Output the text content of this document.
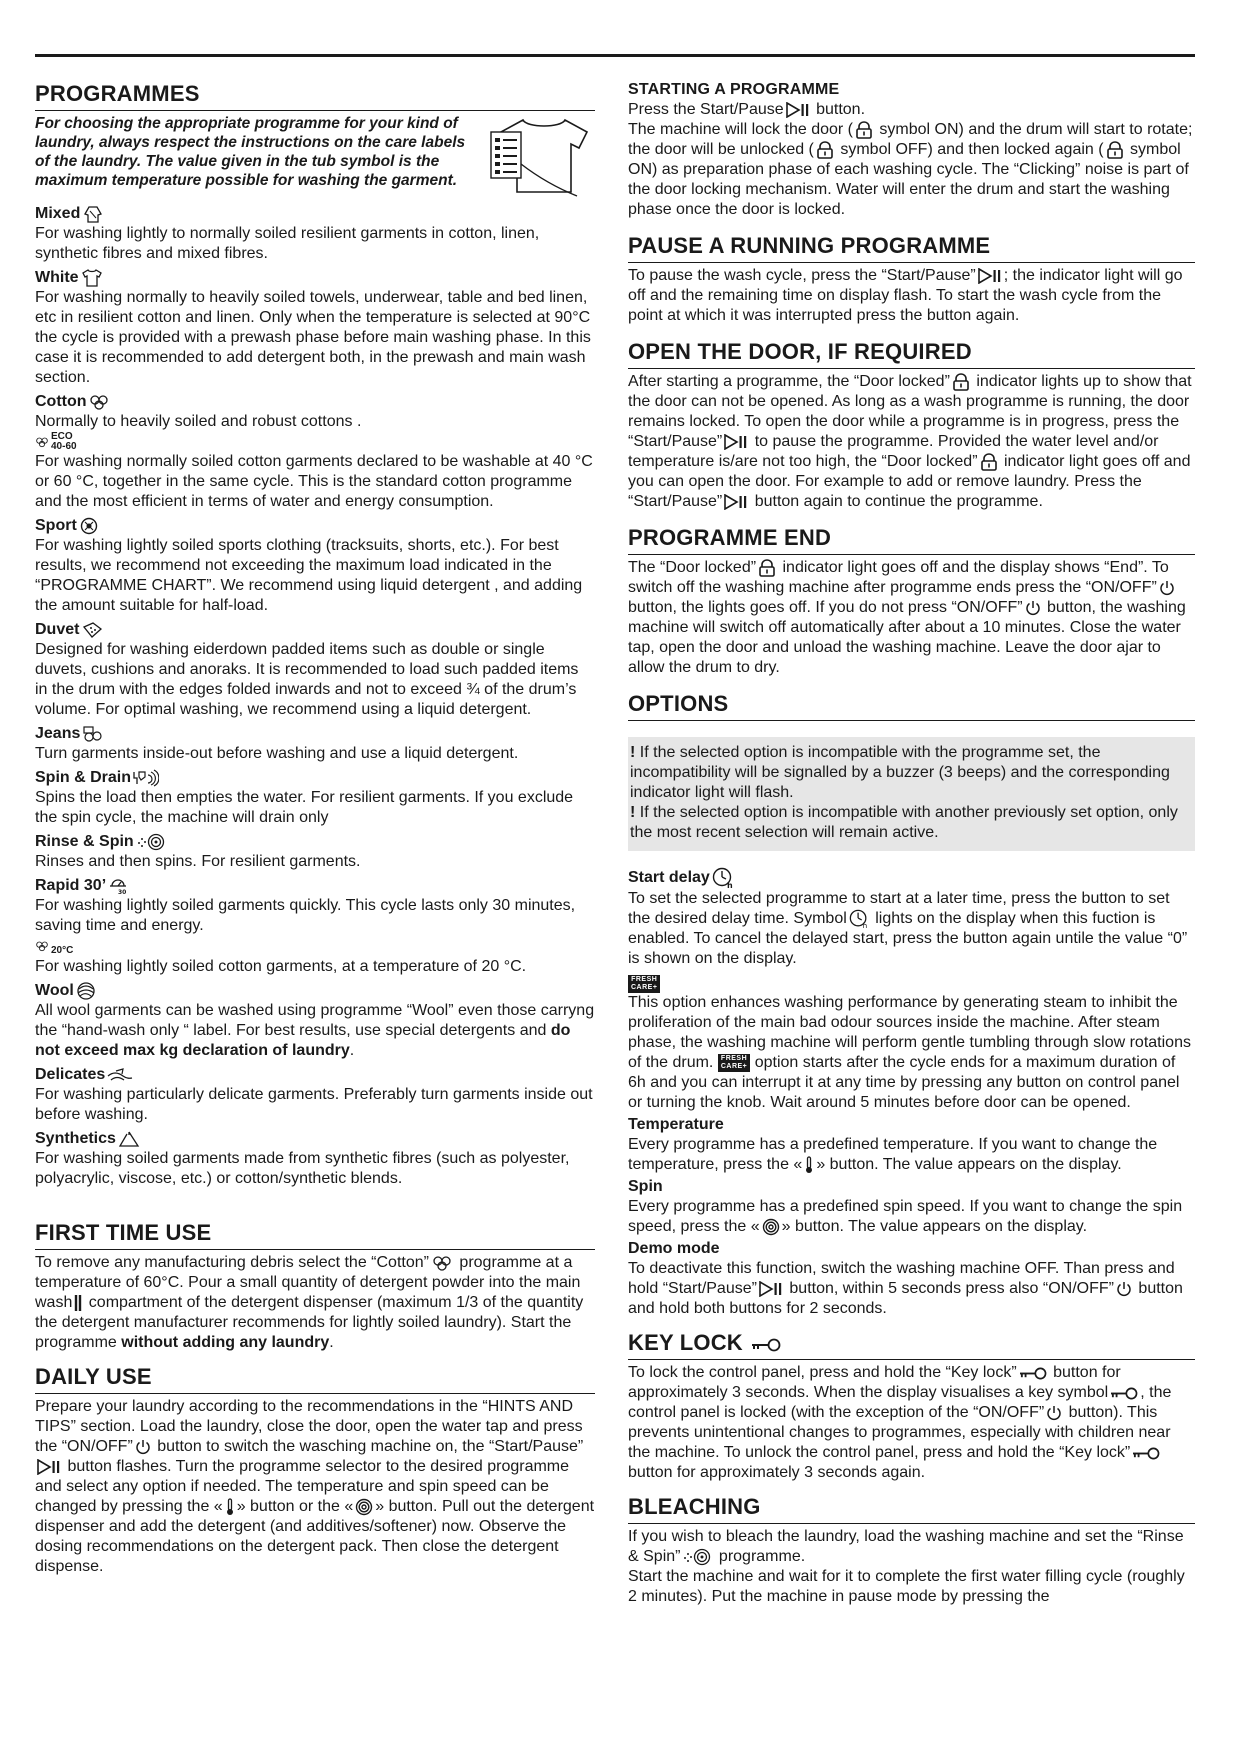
PROGRAMMES

For choosing the appropriate programme for your kind of laundry, always respect the instructions on the care labels of the laundry. The value given in the tub symbol is the maximum temperature possible for washing the garment.

Mixed

For washing lightly to normally soiled resilient garments in cotton, linen, synthetic fibres and mixed fibres.

White

For washing normally to heavily soiled towels, underwear, table and bed linen, etc in resilient cotton and linen. Only when the temperature is selected at 90°C the cycle is provided with a prewash phase before main washing phase. In this case it is recommended to add detergent both, in the prewash and main wash section.

Cotton

Normally to heavily soiled and robust cottons .

ECO
40-60

For washing normally soiled cotton garments declared to be washable at 40 °C or 60 °C, together in the same cycle. This is the standard cotton programme and the most efficient in terms of water and energy consumption.

Sport

For washing lightly soiled sports clothing (tracksuits, shorts, etc.). For best results, we recommend not exceeding the maximum load indicated in the “PROGRAMME CHART”. We recommend using liquid detergent , and adding the amount suitable for half-load.

Duvet

Designed for washing eiderdown padded items such as double or single duvets, cushions and anoraks. It is recommended to load such padded items in the drum with the edges folded inwards and not to exceed ¾ of the drum’s volume. For optimal washing, we recommend using a liquid detergent.

Jeans

Turn garments inside-out before washing and use a liquid detergent.

Spin & Drain

Spins the load then empties the water. For resilient garments. If you exclude the spin cycle, the machine will drain only

Rinse & Spin

Rinses and then spins. For resilient garments.

Rapid 30’

For washing lightly soiled garments quickly. This cycle lasts only 30 minutes, saving time and energy.

20°C

For washing lightly soiled cotton garments, at a temperature of 20 °C.

Wool

All wool garments can be washed using programme “Wool” even those carryng the “hand-wash only “ label. For best results, use special detergents and do not exceed max kg declaration of laundry.

Delicates

For washing particularly delicate garments. Preferably turn garments inside out before washing.

Synthetics

For washing soiled garments made from synthetic fibres (such as polyester, polyacrylic, viscose, etc.) or cotton/synthetic blends.

FIRST TIME USE

To remove any manufacturing debris select the “Cotton”
programme at a temperature of 60°C. Pour a small quantity of detergent powder into the main wash
compartment of the detergent dispenser (maximum 1/3 of the quantity the detergent manufacturer recommends for lightly soiled laundry). Start the programme without adding any laundry.

DAILY USE

Prepare your laundry according to the recommendations in the “HINTS AND TIPS” section. Load the laundry, close the door, open the water tap and press the “ON/OFF”
button to switch the wasching machine on, the “Start/Pause”
button flashes. Turn the programme selector to the desired programme and select any option if needed. The temperature and spin speed can be changed by pressing the « » button or the « » button. Pull out the detergent dispenser and add the detergent (and additives/softener) now. Observe the dosing recommendations on the detergent pack. Then close the detergent dispense.

STARTING A PROGRAMME

Press the Start/Pause
button.
The machine will lock the door (
symbol ON) and the drum will start to rotate; the door will be unlocked (
symbol OFF) and then locked again (
symbol ON) as preparation phase of each washing cycle. The “Clicking” noise is part of the door locking mechanism. Water will enter the drum and start the washing phase once the door is locked.

PAUSE A RUNNING PROGRAMME

To pause the wash cycle, press the “Start/Pause” ; the indicator light will go off and the remaining time on display flash. To start the wash cycle from the point at which it was interrupted press the button again.

OPEN THE DOOR, IF REQUIRED

After starting a programme, the “Door locked”
indicator lights up to show that the door can not be opened. As long as a wash programme is running, the door remains locked. To open the door while a programme is in progress, press the “Start/Pause”
to pause the programme. Provided the water level and/or temperature is/are not too high, the “Door locked”
indicator light goes off and you can open the door. For example to add or remove laundry. Press the “Start/Pause”
button again to continue the programme.

PROGRAMME END

The “Door locked”
indicator light goes off and the display shows “End”. To switch off the washing machine after programme ends press the “ON/OFF”
button, the lights goes off. If you do not press “ON/OFF”
button, the washing machine will switch off automatically after about a 10 minutes. Close the water tap, open the door and unload the washing machine. Leave the door ajar to allow the drum to dry.

OPTIONS

! If the selected option is incompatible with the programme set, the incompatibility will be signalled by a buzzer (3 beeps) and the corresponding indicator light will flash.

! If the selected option is incompatible with another previously set option, only the most recent selection will remain active.

Start delay

To set the selected programme to start at a later time, press the button to set the desired delay time. Symbol
lights on the display when this fuction is enabled. To cancel the delayed start, press the button again untile the value “0” is shown on the display.

FRESH
CARE+

This option enhances washing performance by generating steam to inhibit the proliferation of the main bad odour sources inside the machine. After steam phase, the washing machine will perform gentle tumbling through slow rotations of the drum. FRESH
CARE+ option starts after the cycle ends for a maximum duration of 6h and you can interrupt it at any time by pressing any button on control panel or turning the knob. Wait around 5 minutes before door can be opened.

Temperature

Every programme has a predefined temperature. If you want to change the temperature, press the « » button. The value appears on the display.

Spin

Every programme has a predefined spin speed. If you want to change the spin speed, press the « » button. The value appears on the display.

Demo mode

To deactivate this function, switch the washing machine OFF. Than press and hold “Start/Pause”
button, within 5 seconds press also “ON/OFF”
button and hold both buttons for 2 seconds.

KEY LOCK

To lock the control panel, press and hold the “Key lock”
button for approximately 3 seconds. When the display visualises a key symbol , the control panel is locked (with the exception of the “ON/OFF”
button). This prevents unintentional changes to programmes, especially with children near the machine. To unlock the control panel, press and hold the “Key lock”
button for approximately 3 seconds again.

BLEACHING

If you wish to bleach the laundry, load the washing machine and set the “Rinse & Spin”
programme.
Start the machine and wait for it to complete the first water filling cycle (roughly 2 minutes). Put the machine in pause mode by pressing the
